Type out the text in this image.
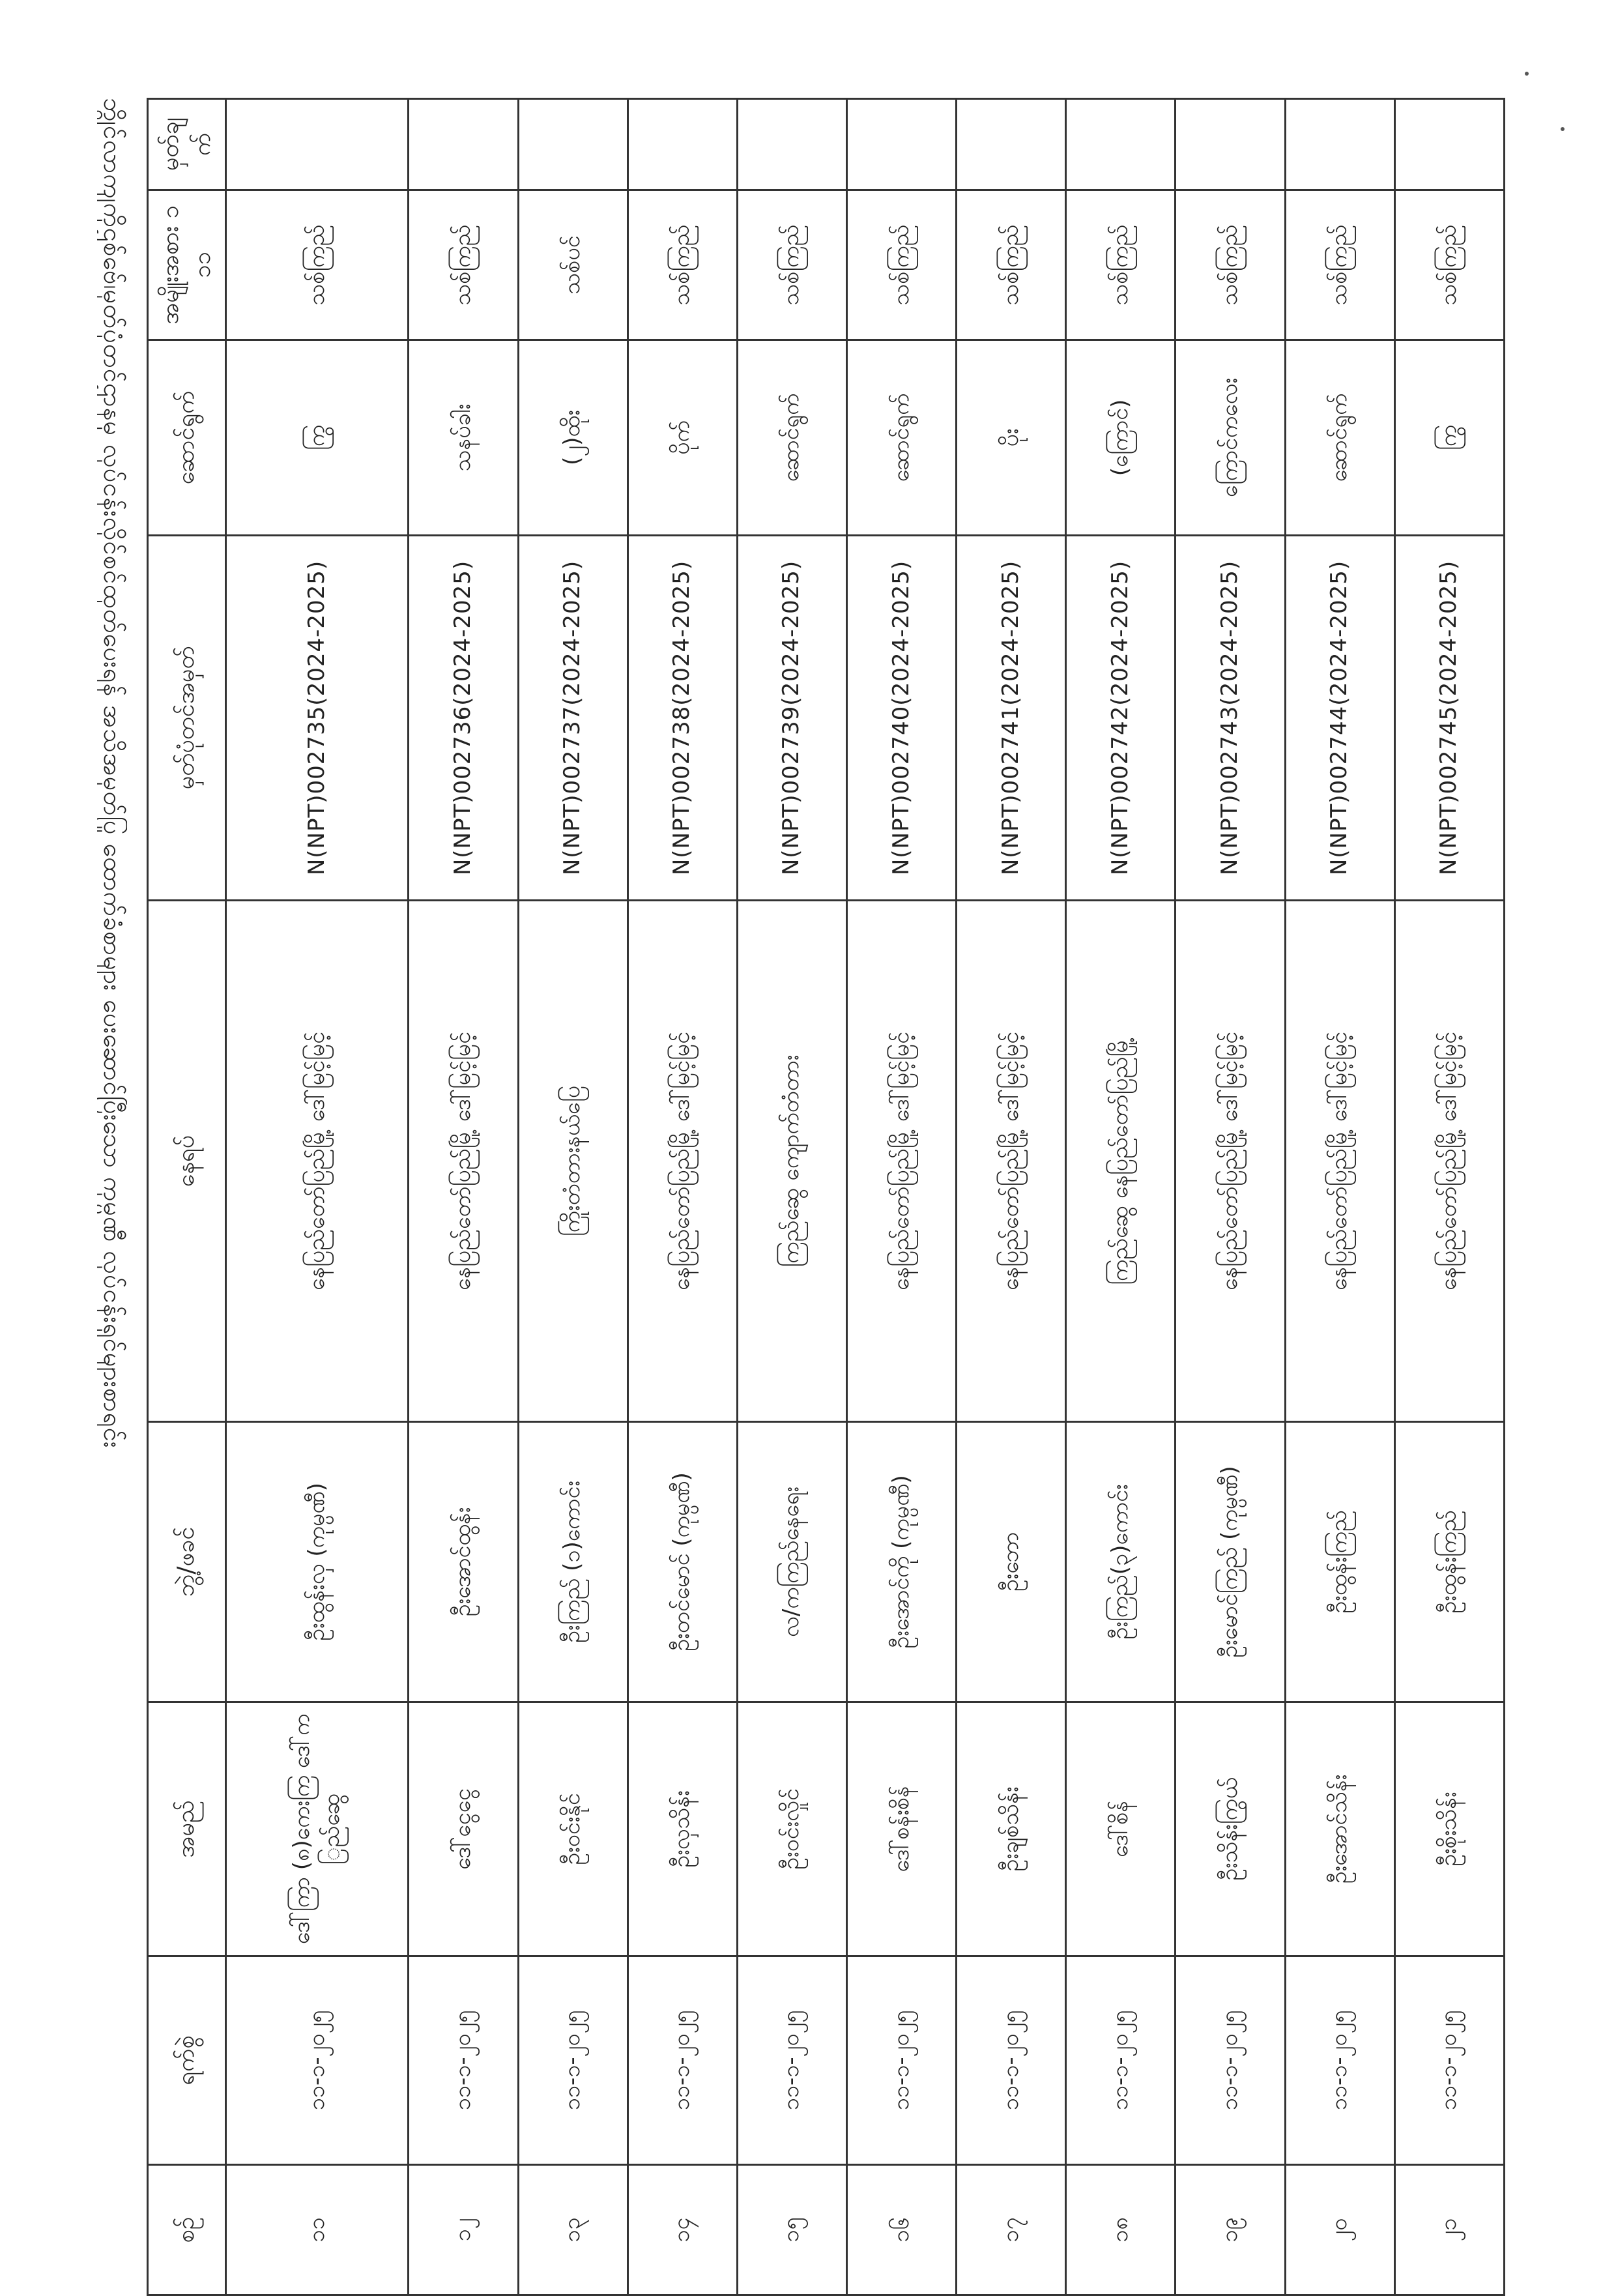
ဘွိုင်လာကျကိုဌစ်ဗ်ေ၊မှတ်ပုံတင်ဌာနမှ လုပ်ငန်းလိုင်စင်ထုတ်ပေးရန် အသိအမှတ်ပြု ထောက်ခံစာများ ပေးဆောင်ပြီးသော ကုမ္ပဏီ လုပ်ငန်းရှင်များစာရင်း
စဉ်	ရက်စွဲ	အမည်	ဘွဲ့/ဖခင်	နေရပ်	မှတ်ပုံတင်အမှတ်	ဆောင်ရွက်	အမျိုးအစား ၁၁၁	မှတ်ချက်
၁၁	၁၁-၁-၂၀၂၅	ဒေါ်ကြာ (၈)ကေးကြ ဒေါ်ကြည်ဆွေ	ဦးထွန်းလှ (ကုမ္ပဏီ)	နေပြည်တော်ပြည်မြို့ ဒေါ်မြင့်မြင့်	N(NPT)002735(2024-2025)	ကြွ	သစ်ကြည်	
၁၂	၁၁-၁-၂၀၂၅	ဒေါ်ငွေငွေ	ဦးအောင်ထွန်း	နေပြည်တော်ပြည်မြို့ ဒေါ်မြင့်မြင့်	N(NPT)002736(2024-2025)	သနပ်ခါး	သစ်ကြည်	
၁၃	၁၁-၁-၂၀၂၅	ဦးဝင်းနိုင်	ဦးကြည် (၁)ကောင်း	ကြိုးတံတားနယ်ပြေ	N(NPT)002737(2024-2025)	(၂)ထိုး	သစ်ပင်	
၁၄	၁၁-၁-၂၀၂၅	ဦးလှသိန်း	ဦးတင်မောင် (ကုမ္ပဏီ)	နေပြည်တော်ပြည်မြို့ ဒေါ်မြင့်မြင့်	N(NPT)002738(2024-2025)	ပိုက်	သစ်ကြည်	
၁၅	၁၁-၁-၂၀၂၅	ဦးဝင်းလှိုင်	လ/ကကြည်နေရေး	ကြည်ဆွေ ကျောက်တံတား	N(NPT)002739(2024-2025)	ဆောင်ရွက်	သစ်ကြည်	
၁၆	၁၁-၁-၂၀၂၅	ဒေါ်စန်းစိန်	ဦးအောင်ကို (ကုမ္ပဏီ)	နေပြည်တော်ပြည်မြို့ ဒေါ်မြင့်မြင့်	N(NPT)002740(2024-2025)	ဆောင်ရွက်	သစ်ကြည်	
၁၇	၁၁-၁-၂၀၂၅	ဦးချစ်သိန်း	ဦးဘော	နေပြည်တော်ပြည်မြို့ ဒေါ်မြင့်မြင့်	N(NPT)002741(2024-2025)	ပိုး	သစ်ကြည်	
၁၈	၁၁-၁-၂၀၂၅	ဒေါ်စိန်	ဦးကြည်(၃)ကောင်း	ကြည်ဆွေ နေပြည်တော်ပြည်မြို့	N(NPT)002742(2024-2025)	(ကြောင်)	သစ်ကြည်	
၁၉	၁၁-၁-၂၀၂၅	ဦးသိန်းကြွယ်	ဦးမောင်ကြည် (ကုမ္ပဏီ)	နေပြည်တော်ပြည်မြို့ ဒေါ်မြင့်မြင့်	N(NPT)002743(2024-2025)	ကြောင်ကလေး	သစ်ကြည်	
၂၀	၁၁-၁-၂၀၂၅	ဦးအောင်သိန်း	ဦးထွန်းကြည်	နေပြည်တော်ပြည်မြို့ ဒေါ်မြင့်မြင့်	N(NPT)002744(2024-2025)	ဆောင်ရွက်	သစ်ကြည်	
၂၁	၁၁-၁-၂၀၂၅	ဦးစိုးသိန်း	ဦးထွန်းကြည်	နေပြည်တော်ပြည်မြို့ ဒေါ်မြင့်မြင့်	N(NPT)002745(2024-2025)	ကြွ	သစ်ကြည်	
